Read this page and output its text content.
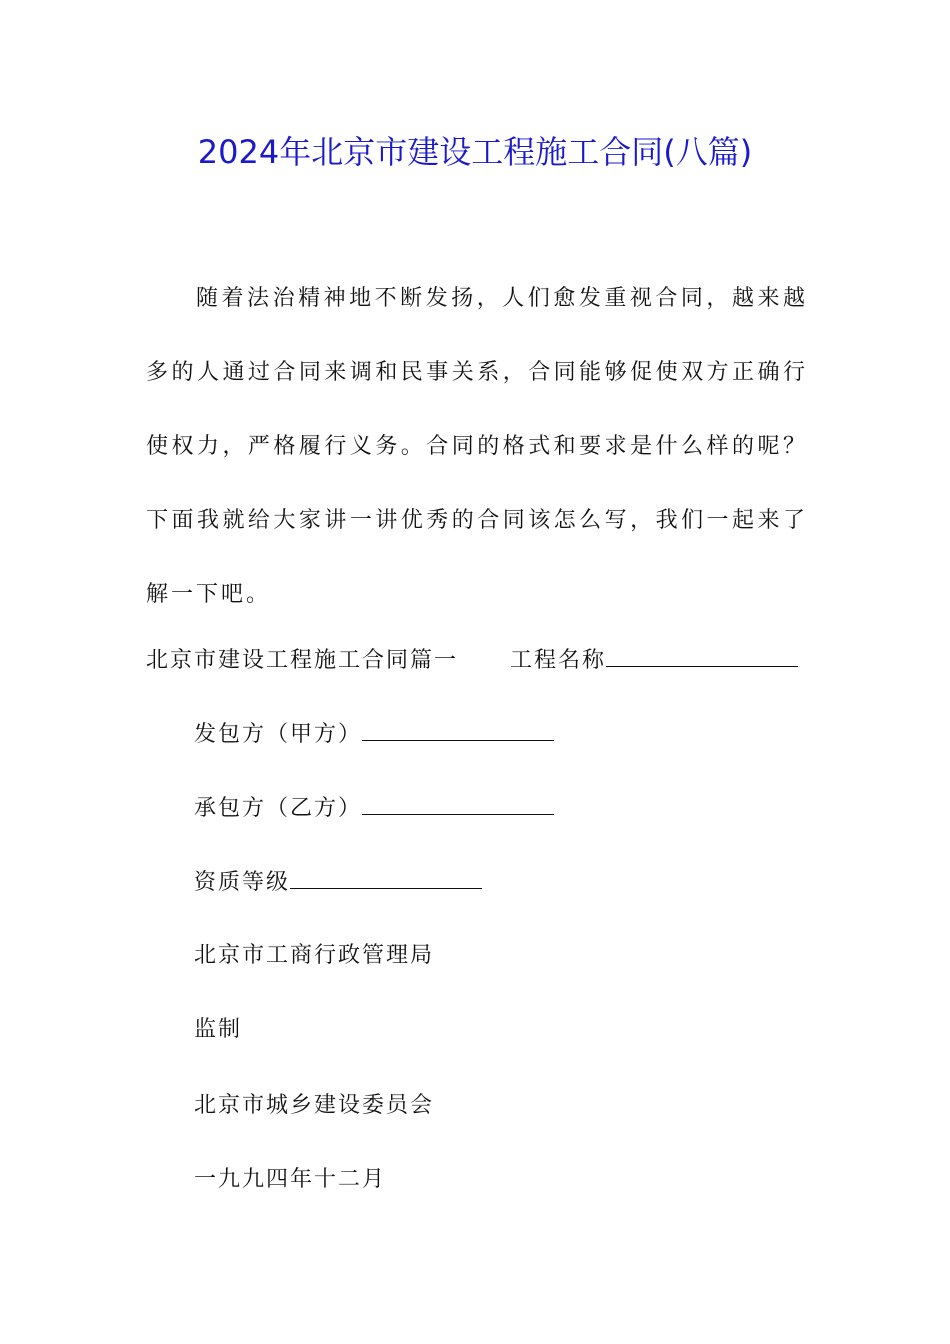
2024年北京市建设工程施工合同(八篇)
随着法治精神地不断发扬，人们愈发重视合同，越来越多的人通过合同来调和民事关系，合同能够促使双方正确行使权力，严格履行义务。合同的格式和要求是什么样的呢？下面我就给大家讲一讲优秀的合同该怎么写，我们一起来了解一下吧。
北京市建设工程施工合同篇一 工程名称
发包方（甲方）
承包方（乙方）
资质等级
北京市工商行政管理局
监制
北京市城乡建设委员会
一九九四年十二月
